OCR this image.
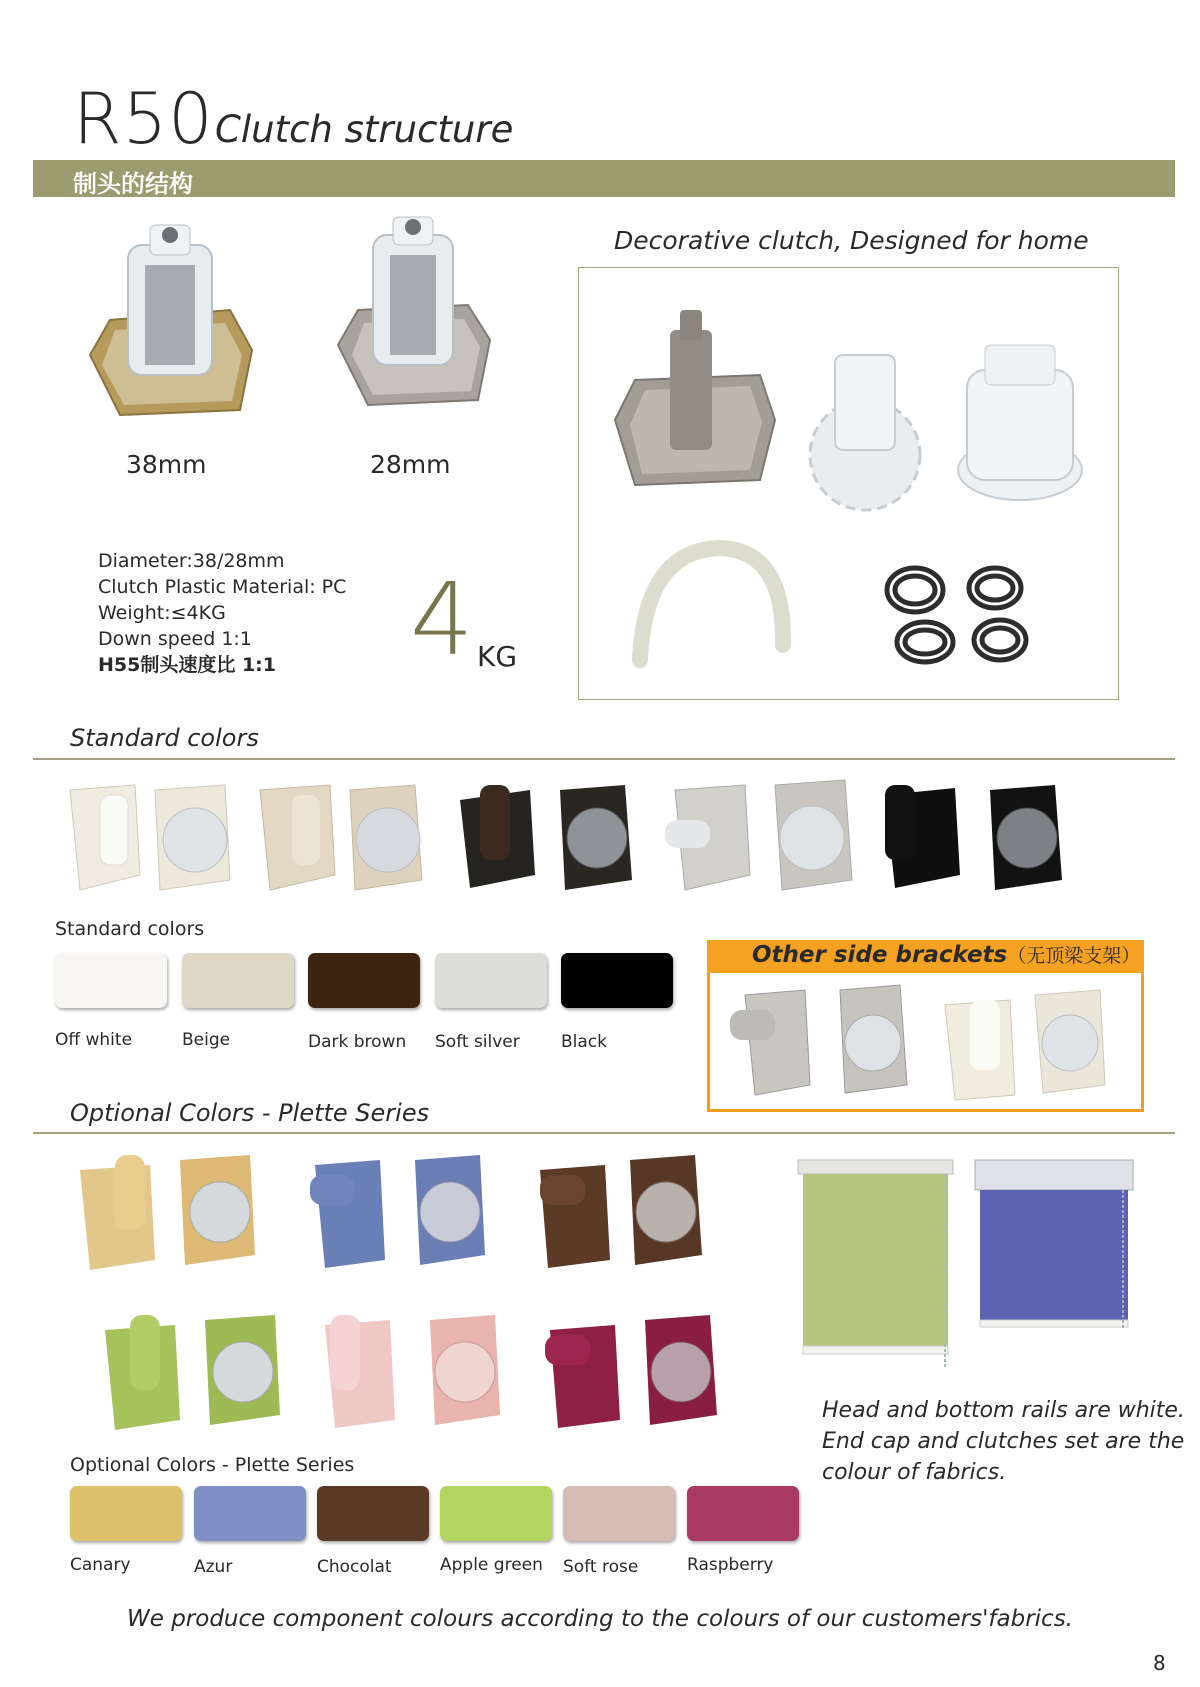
R50 Clutch structure
制头的结构
38mm	28mm
Diameter:38/28mm
Clutch Plastic Material: PC
Weight:≤4KG
Down speed 1:1
H55制头速度比 1:1	4 KG
Decorative clutch, Designed for home
Standard colors
Standard colors
Off white	Beige	Dark brown Soft silver Black
Other side brackets（无顶梁支架）
Optional Colors - Plette Series
Head and bottom rails are white.
End cap and clutches set are the
colour of fabrics.
Optional Colors - Plette Series
Canary	Azur	Chocolat	Apple green Soft rose	Raspberry
We produce component colours according to the colours of our customers'fabrics.
8
